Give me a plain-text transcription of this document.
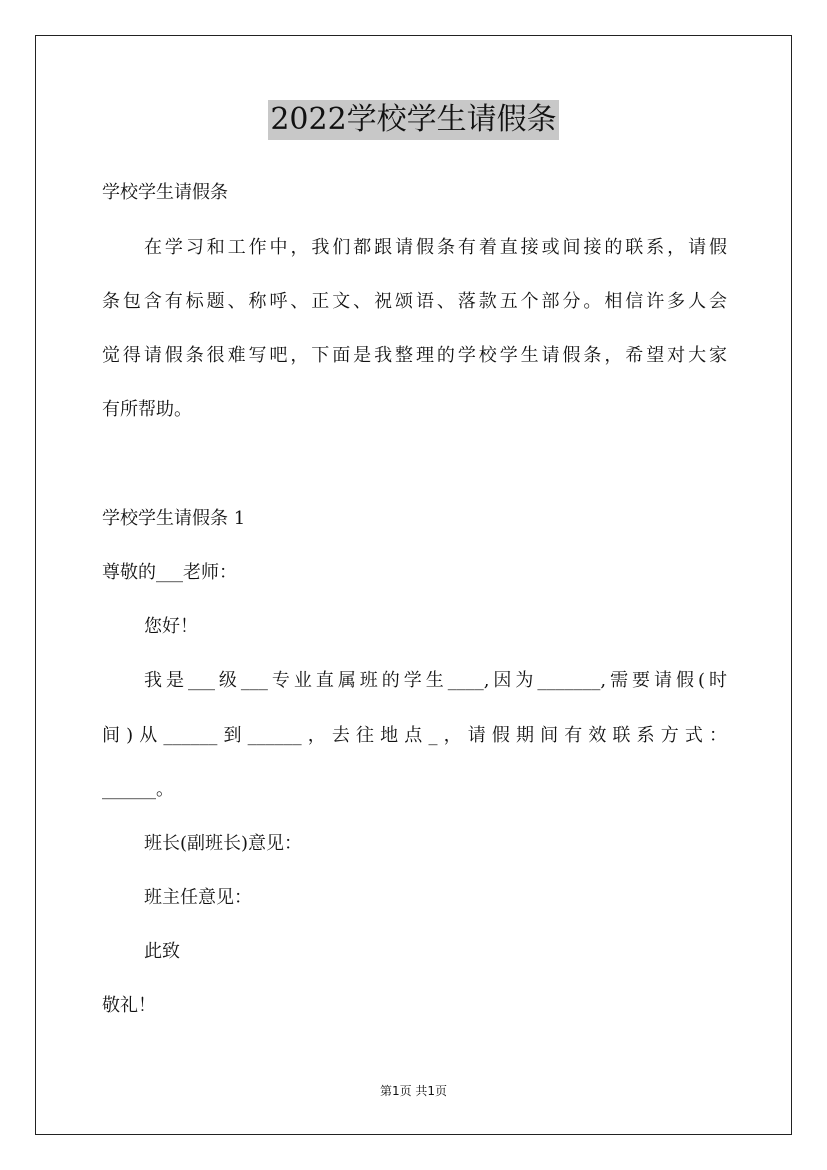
2022学校学生请假条
学校学生请假条
在学习和工作中，我们都跟请假条有着直接或间接的联系，请假
条包含有标题、称呼、正文、祝颂语、落款五个部分。相信许多人会
觉得请假条很难写吧，下面是我整理的学校学生请假条，希望对大家
有所帮助。
学校学生请假条 1
尊敬的___老师：
您好！
我是___级___专业直属班的学生____,因为_______,需要请假(时
间)从______到______，去往地点_，请假期间有效联系方式：
______。
班长(副班长)意见：
班主任意见：
此致
敬礼！
第1页 共1页
